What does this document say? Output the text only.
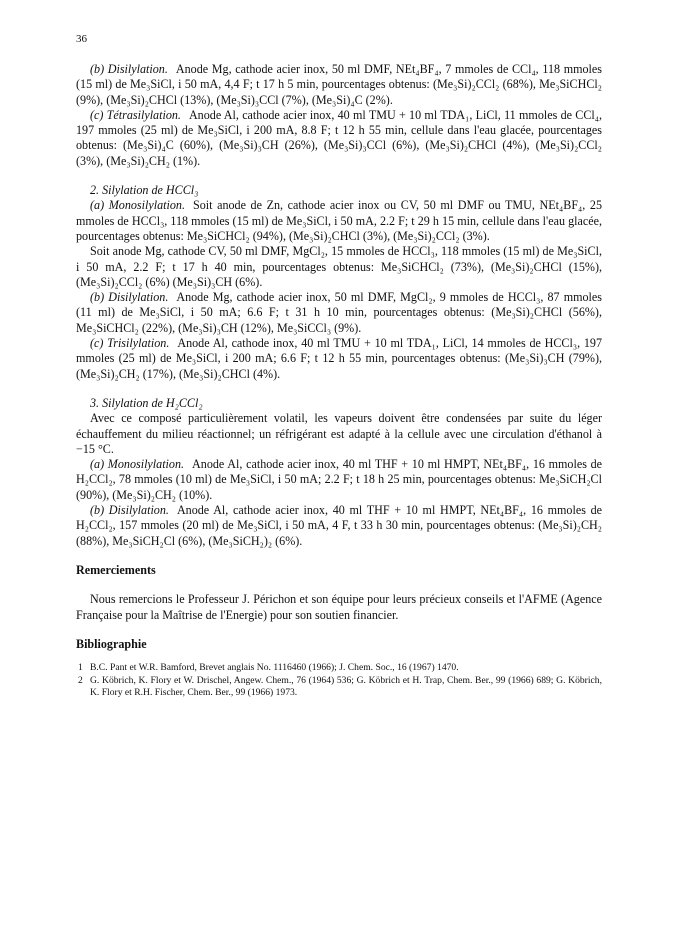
36

(b) Disilylation. Anode Mg, cathode acier inox, 50 ml DMF, NEt₄BF₄, 7 mmoles de CCl₄, 118 mmoles (15 ml) de Me₃SiCl, i 50 mA, 4,4 F; t 17 h 5 min, pourcentages obtenus: (Me₃Si)₂CCl₂ (68%), Me₃SiCHCl₂ (9%), (Me₃Si)₂CHCl (13%), (Me₃Si)₃CCl (7%), (Me₃Si)₄C (2%).

(c) Tétrasilylation. Anode Al, cathode acier inox, 40 ml TMU + 10 ml TDA₁, LiCl, 11 mmoles de CCl₄, 197 mmoles (25 ml) de Me₃SiCl, i 200 mA, 8.8 F; t 12 h 55 min, cellule dans l'eau glacée, pourcentages obtenus: (Me₃Si)₄C (60%), (Me₃Si)₃CH (26%), (Me₃Si)₃CCl (6%), (Me₃Si)₂CHCl (4%), (Me₃Si)₂CCl₂ (3%), (Me₃Si)₂CH₂ (1%).

2. Silylation de HCCl₃

(a) Monosilylation. Soit anode de Zn, cathode acier inox ou CV, 50 ml DMF ou TMU, NEt₄BF₄, 25 mmoles de HCCl₃, 118 mmoles (15 ml) de Me₃SiCl, i 50 mA, 2.2 F; t 29 h 15 min, cellule dans l'eau glacée, pourcentages obtenus: Me₃SiCHCl₂ (94%), (Me₃Si)₂CHCl (3%), (Me₃Si)₂CCl₂ (3%).

Soit anode Mg, cathode CV, 50 ml DMF, MgCl₂, 15 mmoles de HCCl₃, 118 mmoles (15 ml) de Me₃SiCl, i 50 mA, 2.2 F; t 17 h 40 min, pourcentages obtenus: Me₃SiCHCl₂ (73%), (Me₃Si)₂CHCl (15%), (Me₃Si)₂CCl₂ (6%) (Me₃Si)₃CH (6%).

(b) Disilylation. Anode Mg, cathode acier inox, 50 ml DMF, MgCl₂, 9 mmoles de HCCl₃, 87 mmoles (11 ml) de Me₃SiCl, i 50 mA; 6.6 F; t 31 h 10 min, pourcentages obtenus: (Me₃Si)₂CHCl (56%), Me₃SiCHCl₂ (22%), (Me₃Si)₃CH (12%), Me₃SiCCl₃ (9%).

(c) Trisilylation. Anode Al, cathode inox, 40 ml TMU + 10 ml TDA₁, LiCl, 14 mmoles de HCCl₃, 197 mmoles (25 ml) de Me₃SiCl, i 200 mA; 6.6 F; t 12 h 55 min, pourcentages obtenus: (Me₃Si)₃CH (79%), (Me₃Si)₂CH₂ (17%), (Me₃Si)₂CHCl (4%).

3. Silylation de H₂CCl₂

Avec ce composé particulièrement volatil, les vapeurs doivent être condensées par suite du léger échauffement du milieu réactionnel; un réfrigérant est adapté à la cellule avec une circulation d'éthanol à −15 °C.

(a) Monosilylation. Anode Al, cathode acier inox, 40 ml THF + 10 ml HMPT, NEt₄BF₄, 16 mmoles de H₂CCl₂, 78 mmoles (10 ml) de Me₃SiCl, i 50 mA; 2.2 F; t 18 h 25 min, pourcentages obtenus: Me₃SiCH₂Cl (90%), (Me₃Si)₂CH₂ (10%).

(b) Disilylation. Anode Al, cathode acier inox, 40 ml THF + 10 ml HMPT, NEt₄BF₄, 16 mmoles de H₂CCl₂, 157 mmoles (20 ml) de Me₃SiCl, i 50 mA, 4 F, t 33 h 30 min, pourcentages obtenus: (Me₃Si)₂CH₂ (88%), Me₃SiCH₂Cl (6%), (Me₃SiCH₂)₂ (6%).

Remerciements

Nous remercions le Professeur J. Périchon et son équipe pour leurs précieux conseils et l'AFME (Agence Française pour la Maîtrise de l'Energie) pour son soutien financier.

Bibliographie

1 B.C. Pant et W.R. Bamford, Brevet anglais No. 1116460 (1966); J. Chem. Soc., 16 (1967) 1470.
2 G. Köbrich, K. Flory et W. Drischel, Angew. Chem., 76 (1964) 536; G. Köbrich et H. Trap, Chem. Ber., 99 (1966) 689; G. Köbrich, K. Flory et R.H. Fischer, Chem. Ber., 99 (1966) 1973.
